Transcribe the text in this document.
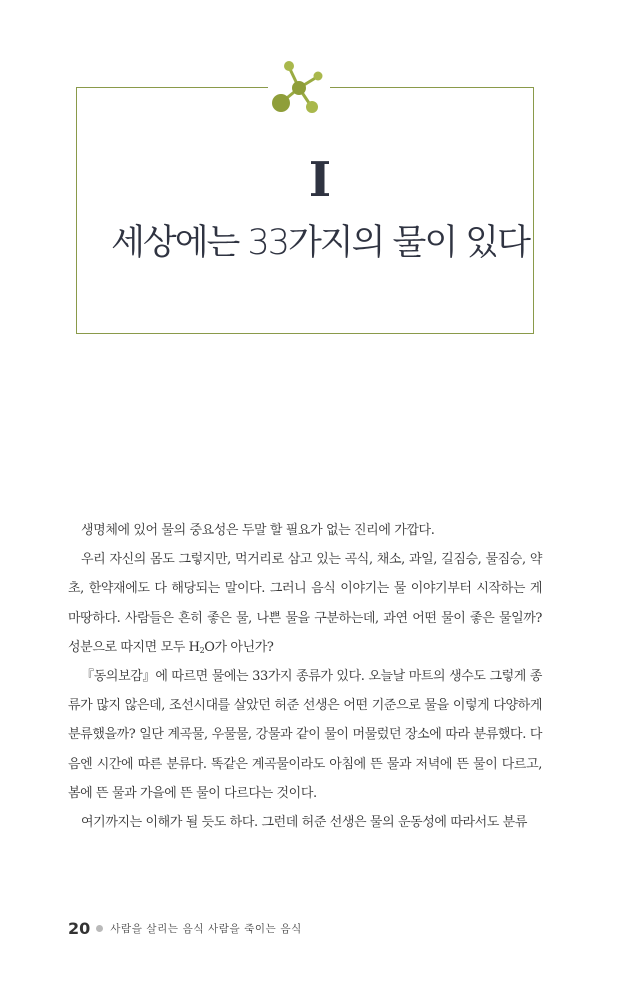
I
세상에는 33가지의 물이 있다

생명체에 있어 물의 중요성은 두말 할 필요가 없는 진리에 가깝다.

우리 자신의 몸도 그렇지만, 먹거리로 삼고 있는 곡식, 채소, 과일, 길짐승, 물짐승, 약초, 한약재에도 다 해당되는 말이다. 그러니 음식 이야기는 물 이야기부터 시작하는 게 마땅하다. 사람들은 흔히 좋은 물, 나쁜 물을 구분하는데, 과연 어떤 물이 좋은 물일까? 성분으로 따지면 모두 $H_2O$가 아닌가?

『동의보감』에 따르면 물에는 33가지 종류가 있다. 오늘날 마트의 생수도 그렇게 종류가 많지 않은데, 조선시대를 살았던 허준 선생은 어떤 기준으로 물을 이렇게 다양하게 분류했을까? 일단 계곡물, 우물물, 강물과 같이 물이 머물렀던 장소에 따라 분류했다. 다음엔 시간에 따른 분류다. 똑같은 계곡물이라도 아침에 뜬 물과 저녁에 뜬 물이 다르고, 봄에 뜬 물과 가을에 뜬 물이 다르다는 것이다.

여기까지는 이해가 될 듯도 하다. 그런데 허준 선생은 물의 운동성에 따라서도 분류

20 사람을 살리는 음식 사람을 죽이는 음식
